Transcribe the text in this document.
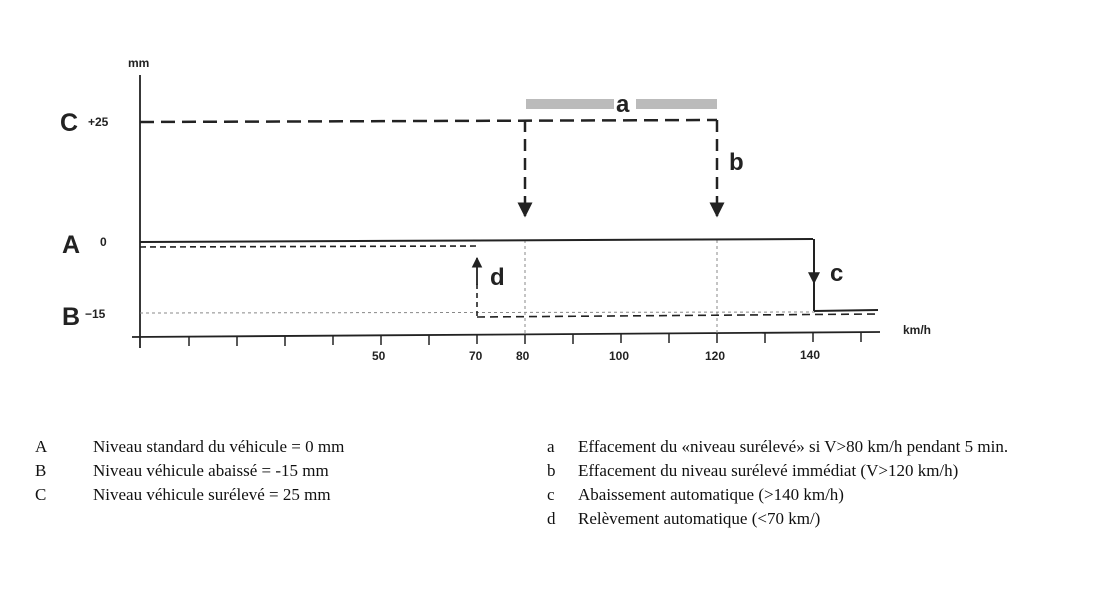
mm
C +25
A 0
B −15
50	70	80	100	120	140
km/h
a
b
c
d
A	Niveau standard du véhicule = 0 mm
B	Niveau véhicule abaissé = -15 mm
C	Niveau véhicule surélevé = 25 mm
a	Effacement du «niveau surélevé» si V>80 km/h pendant 5 min.
b	Effacement du niveau surélevé immédiat (V>120 km/h)
c	Abaissement automatique (>140 km/h)
d	Relèvement automatique (<70 km/)
